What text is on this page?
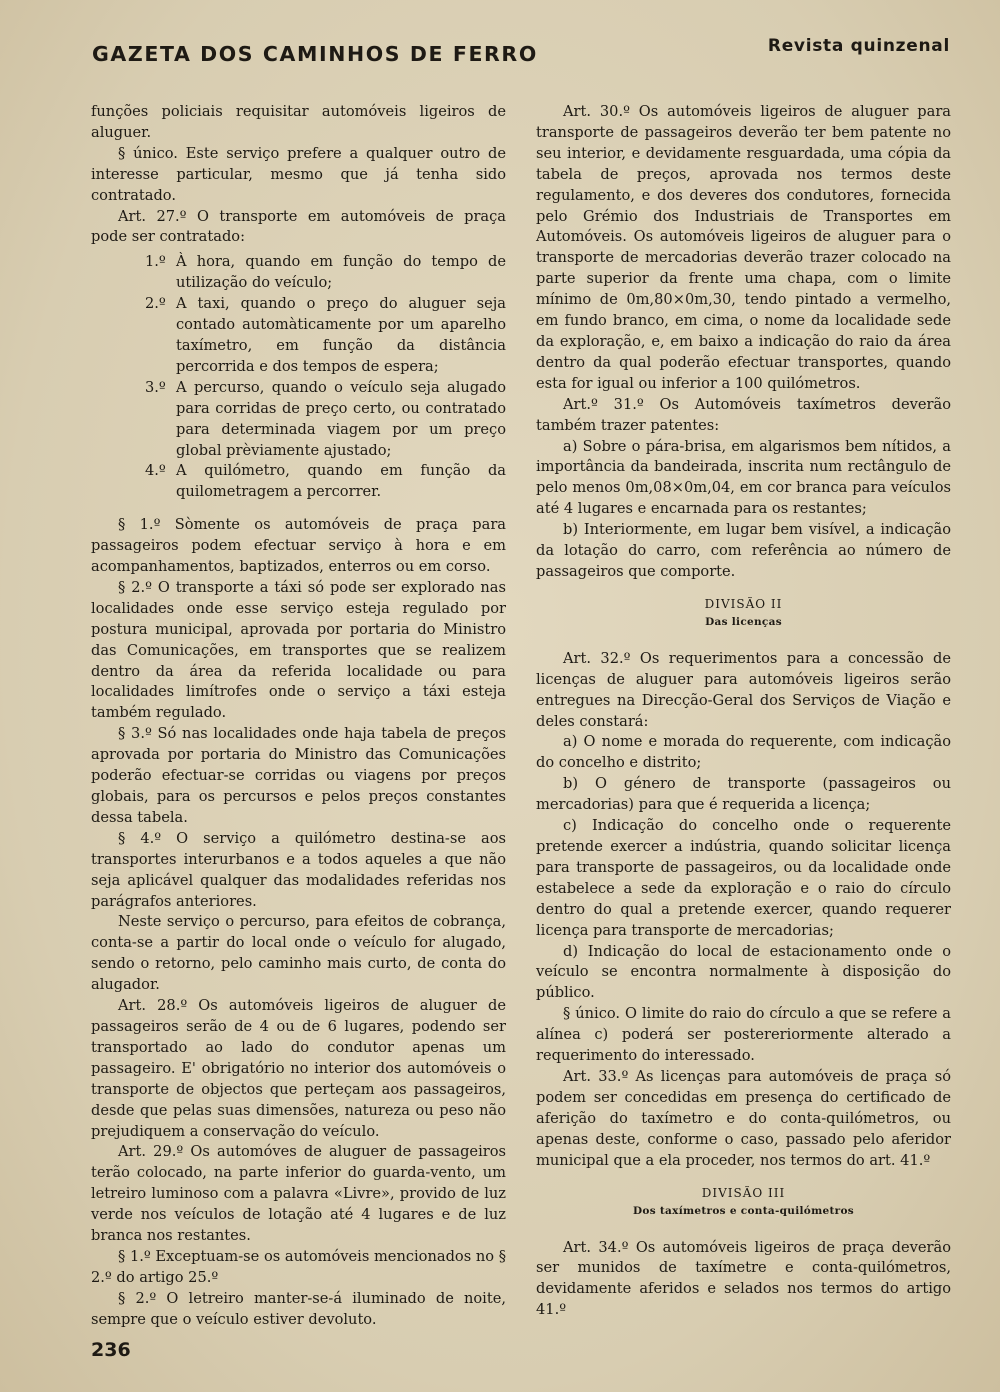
GAZETA DOS CAMINHOS DE FERRO	Revista quinzenal

funções policiais requisitar automóveis ligeiros de aluguer.

§ único. Este serviço prefere a qualquer outro de interesse particular, mesmo que já tenha sido contratado.

Art. 27.º O transporte em automóveis de praça pode ser contratado:

1.º À hora, quando em função do tempo de utilização do veículo;
2.º A taxi, quando o preço do aluguer seja contado automàticamente por um aparelho taxímetro, em função da distância percorrida e dos tempos de espera;
3.º A percurso, quando o veículo seja alugado para corridas de preço certo, ou contratado para determinada viagem por um preço global prèviamente ajustado;
4.º A quilómetro, quando em função da quilometragem a percorrer.

§ 1.º Sòmente os automóveis de praça para passageiros podem efectuar serviço à hora e em acompanhamentos, baptizados, enterros ou em corso.

§ 2.º O transporte a táxi só pode ser explorado nas localidades onde esse serviço esteja regulado por postura municipal, aprovada por portaria do Ministro das Comunicações, em transportes que se realizem dentro da área da referida localidade ou para localidades limítrofes onde o serviço a táxi esteja também regulado.

§ 3.º Só nas localidades onde haja tabela de preços aprovada por portaria do Ministro das Comunicações poderão efectuar-se corridas ou viagens por preços globais, para os percursos e pelos preços constantes dessa tabela.

§ 4.º O serviço a quilómetro destina-se aos transportes interurbanos e a todos aqueles a que não seja aplicável qualquer das modalidades referidas nos parágrafos anteriores.

Neste serviço o percurso, para efeitos de cobrança, conta-se a partir do local onde o veículo for alugado, sendo o retorno, pelo caminho mais curto, de conta do alugador.

Art. 28.º Os automóveis ligeiros de aluguer de passageiros serão de 4 ou de 6 lugares, podendo ser transportado ao lado do condutor apenas um passageiro. E' obrigatório no interior dos automóveis o transporte de objectos que perteçam aos passageiros, desde que pelas suas dimensões, natureza ou peso não prejudiquem a conservação do veículo.

Art. 29.º Os automóves de aluguer de passageiros terão colocado, na parte inferior do guarda-vento, um letreiro luminoso com a palavra «Livre», provido de luz verde nos veículos de lotação até 4 lugares e de luz branca nos restantes.

§ 1.º Exceptuam-se os automóveis mencionados no § 2.º do artigo 25.º

§ 2.º O letreiro manter-se-á iluminado de noite, sempre que o veículo estiver devoluto.

Art. 30.º Os automóveis ligeiros de aluguer para transporte de passageiros deverão ter bem patente no seu interior, e devidamente resguardada, uma cópia da tabela de preços, aprovada nos termos deste regulamento, e dos deveres dos condutores, fornecida pelo Grémio dos Industriais de Transportes em Automóveis. Os automóveis ligeiros de aluguer para o transporte de mercadorias deverão trazer colocado na parte superior da frente uma chapa, com o limite mínimo de 0m,80×0m,30, tendo pintado a vermelho, em fundo branco, em cima, o nome da localidade sede da exploração, e, em baixo a indicação do raio da área dentro da qual poderão efectuar transportes, quando esta for igual ou inferior a 100 quilómetros.

Art.º 31.º Os Automóveis taxímetros deverão também trazer patentes:

a) Sobre o pára-brisa, em algarismos bem nítidos, a importância da bandeirada, inscrita num rectângulo de pelo menos 0m,08×0m,04, em cor branca para veículos até 4 lugares e encarnada para os restantes;

b) Interiormente, em lugar bem visível, a indicação da lotação do carro, com referência ao número de passageiros que comporte.

DIVISÃO II
Das licenças

Art. 32.º Os requerimentos para a concessão de licenças de aluguer para automóveis ligeiros serão entregues na Direcção-Geral dos Serviços de Viação e deles constará:

a) O nome e morada do requerente, com indicação do concelho e distrito;

b) O género de transporte (passageiros ou mercadorias) para que é requerida a licença;

c) Indicação do concelho onde o requerente pretende exercer a indústria, quando solicitar licença para transporte de passageiros, ou da localidade onde estabelece a sede da exploração e o raio do círculo dentro do qual a pretende exercer, quando requerer licença para transporte de mercadorias;

d) Indicação do local de estacionamento onde o veículo se encontra normalmente à disposição do público.

§ único. O limite do raio do círculo a que se refere a alínea c) poderá ser postereriormente alterado a requerimento do interessado.

Art. 33.º As licenças para automóveis de praça só podem ser concedidas em presença do certificado de aferição do taxímetro e do conta-quilómetros, ou apenas deste, conforme o caso, passado pelo aferidor municipal que a ela proceder, nos termos do art. 41.º

DIVISÃO III
Dos taxímetros e conta-quilómetros

Art. 34.º Os automóveis ligeiros de praça deverão ser munidos de taxímetre e conta-quilómetros, devidamente aferidos e selados nos termos do artigo 41.º

236
